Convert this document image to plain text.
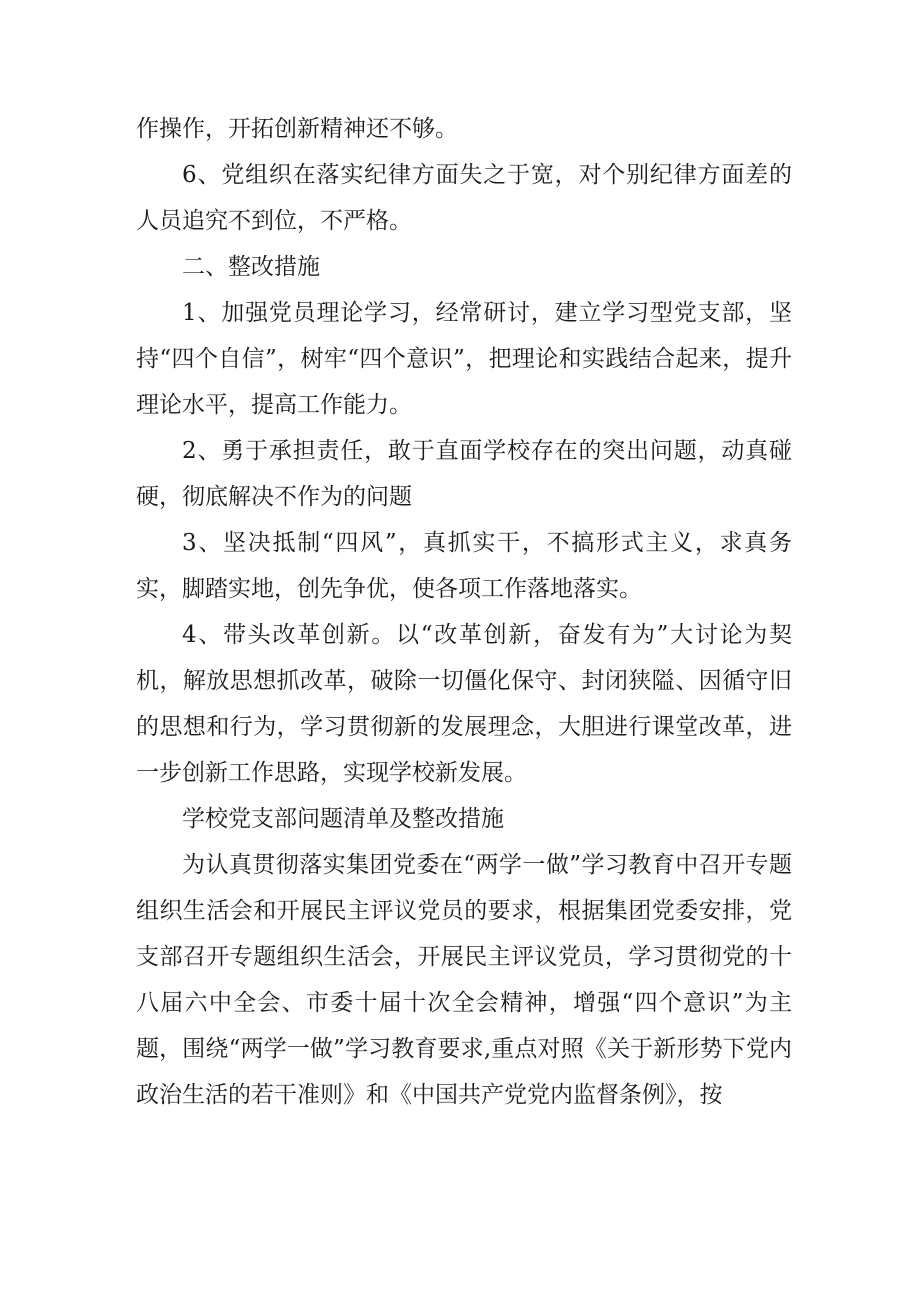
作操作，开拓创新精神还不够。

6、党组织在落实纪律方面失之于宽，对个别纪律方面差的人员追究不到位，不严格。

二、整改措施

1、加强党员理论学习，经常研讨，建立学习型党支部，坚持“四个自信”，树牢“四个意识”，把理论和实践结合起来，提升理论水平，提高工作能力。

2、勇于承担责任，敢于直面学校存在的突出问题，动真碰硬，彻底解决不作为的问题

3、坚决抵制“四风”，真抓实干，不搞形式主义，求真务实，脚踏实地，创先争优，使各项工作落地落实。

4、带头改革创新。以“改革创新，奋发有为”大讨论为契机，解放思想抓改革，破除一切僵化保守、封闭狭隘、因循守旧的思想和行为，学习贯彻新的发展理念，大胆进行课堂改革，进一步创新工作思路，实现学校新发展。

学校党支部问题清单及整改措施

为认真贯彻落实集团党委在“两学一做”学习教育中召开专题组织生活会和开展民主评议党员的要求，根据集团党委安排，党支部召开专题组织生活会，开展民主评议党员，学习贯彻党的十八届六中全会、市委十届十次全会精神，增强“四个意识”为主题，围绕“两学一做”学习教育要求,重点对照《关于新形势下党内政治生活的若干准则》和《中国共产党党内监督条例》，按
